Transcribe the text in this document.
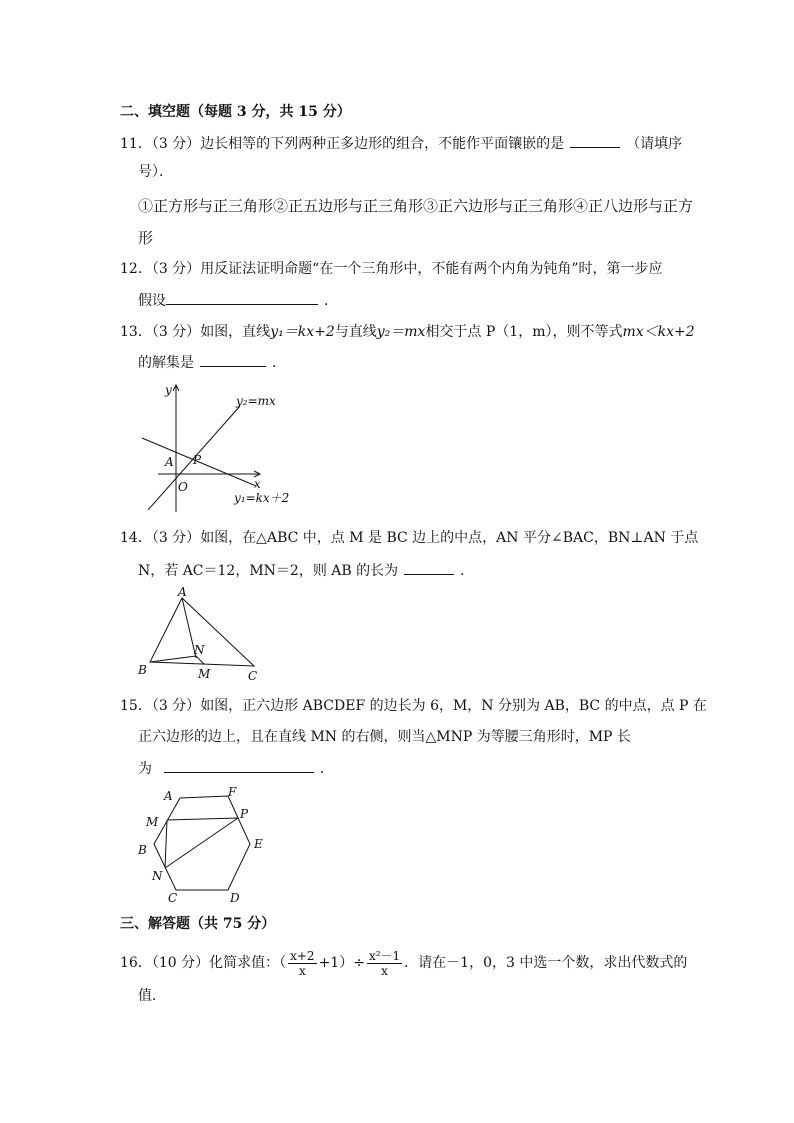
二、填空题（每题 3 分，共 15 分）
11．（3 分）边长相等的下列两种正多边形的组合，不能作平面镶嵌的是	（请填序
号）．
①正方形与正三角形②正五边形与正三角形③正六边形与正三角形④正八边形与正方
形
12．（3 分）用反证法证明命题“在一个三角形中，不能有两个内角为钝角”时，第一步应
假设	．
13．（3 分）如图，直线y₁＝kx+2与直线y₂＝mx相交于点 P（1，m），则不等式mx＜kx+2
的解集是	．
y
x
O
A P
y₂=mx
y₁=kx＋2
14．（3 分）如图，在△ABC 中，点 M 是 BC 边上的中点，AN 平分∠BAC，BN⊥AN 于点
N，若 AC＝12，MN＝2，则 AB 的长为	．
A
B	C
M
N
15．（3 分）如图，正六边形 ABCDEF 的边长为 6，M，N 分别为 AB，BC 的中点，点 P 在
正六边形的边上，且在直线 MN 的右侧，则当△MNP 为等腰三角形时，MP 长
为	．
A
B
C	D
E
F
M
N
P
三、解答题（共 75 分）
16．（10 分）化简求值：（ $\frac{x+2}{x} +1)\div \frac{\text{x²－1}}{x}$ ．请在－1，0，3 中选一个数，求出代数式的
值．
